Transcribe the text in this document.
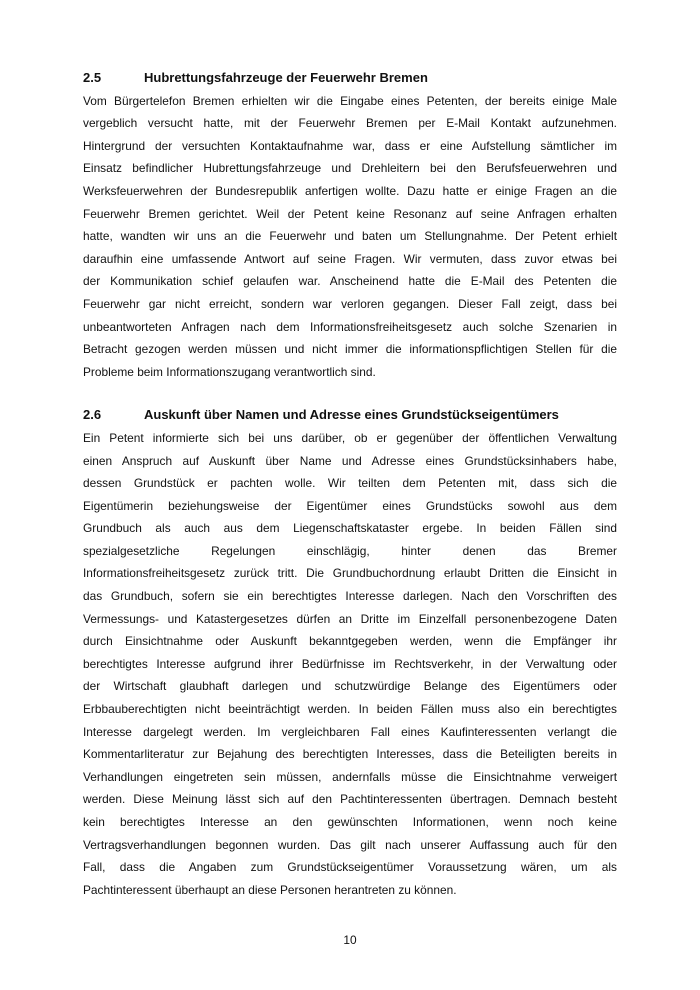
2.5	Hubrettungsfahrzeuge der Feuerwehr Bremen
Vom Bürgertelefon Bremen erhielten wir die Eingabe eines Petenten, der bereits einige Male
vergeblich versucht hatte, mit der Feuerwehr Bremen per E-Mail Kontakt aufzunehmen.
Hintergrund der versuchten Kontaktaufnahme war, dass er eine Aufstellung sämtlicher im
Einsatz befindlicher Hubrettungsfahrzeuge und Drehleitern bei den Berufsfeuerwehren und
Werksfeuerwehren der Bundesrepublik anfertigen wollte. Dazu hatte er einige Fragen an die
Feuerwehr Bremen gerichtet. Weil der Petent keine Resonanz auf seine Anfragen erhalten
hatte, wandten wir uns an die Feuerwehr und baten um Stellungnahme. Der Petent erhielt
daraufhin eine umfassende Antwort auf seine Fragen. Wir vermuten, dass zuvor etwas bei
der Kommunikation schief gelaufen war. Anscheinend hatte die E-Mail des Petenten die
Feuerwehr gar nicht erreicht, sondern war verloren gegangen. Dieser Fall zeigt, dass bei
unbeantworteten Anfragen nach dem Informationsfreiheitsgesetz auch solche Szenarien in
Betracht gezogen werden müssen und nicht immer die informationspflichtigen Stellen für die
Probleme beim Informationszugang verantwortlich sind.
2.6	Auskunft über Namen und Adresse eines Grundstückseigentümers
Ein Petent informierte sich bei uns darüber, ob er gegenüber der öffentlichen Verwaltung
einen Anspruch auf Auskunft über Name und Adresse eines Grundstücksinhabers habe,
dessen Grundstück er pachten wolle. Wir teilten dem Petenten mit, dass sich die
Eigentümerin beziehungsweise der Eigentümer eines Grundstücks sowohl aus dem
Grundbuch als auch aus dem Liegenschaftskataster ergebe. In beiden Fällen sind
spezialgesetzliche Regelungen einschlägig, hinter denen das Bremer
Informationsfreiheitsgesetz zurück tritt. Die Grundbuchordnung erlaubt Dritten die Einsicht in
das Grundbuch, sofern sie ein berechtigtes Interesse darlegen. Nach den Vorschriften des
Vermessungs- und Katastergesetzes dürfen an Dritte im Einzelfall personenbezogene Daten
durch Einsichtnahme oder Auskunft bekanntgegeben werden, wenn die Empfänger ihr
berechtigtes Interesse aufgrund ihrer Bedürfnisse im Rechtsverkehr, in der Verwaltung oder
der Wirtschaft glaubhaft darlegen und schutzwürdige Belange des Eigentümers oder
Erbbauberechtigten nicht beeinträchtigt werden. In beiden Fällen muss also ein berechtigtes
Interesse dargelegt werden. Im vergleichbaren Fall eines Kaufinteressenten verlangt die
Kommentarliteratur zur Bejahung des berechtigten Interesses, dass die Beteiligten bereits in
Verhandlungen eingetreten sein müssen, andernfalls müsse die Einsichtnahme verweigert
werden. Diese Meinung lässt sich auf den Pachtinteressenten übertragen. Demnach besteht
kein berechtigtes Interesse an den gewünschten Informationen, wenn noch keine
Vertragsverhandlungen begonnen wurden. Das gilt nach unserer Auffassung auch für den
Fall, dass die Angaben zum Grundstückseigentümer Voraussetzung wären, um als
Pachtinteressent überhaupt an diese Personen herantreten zu können.
10
